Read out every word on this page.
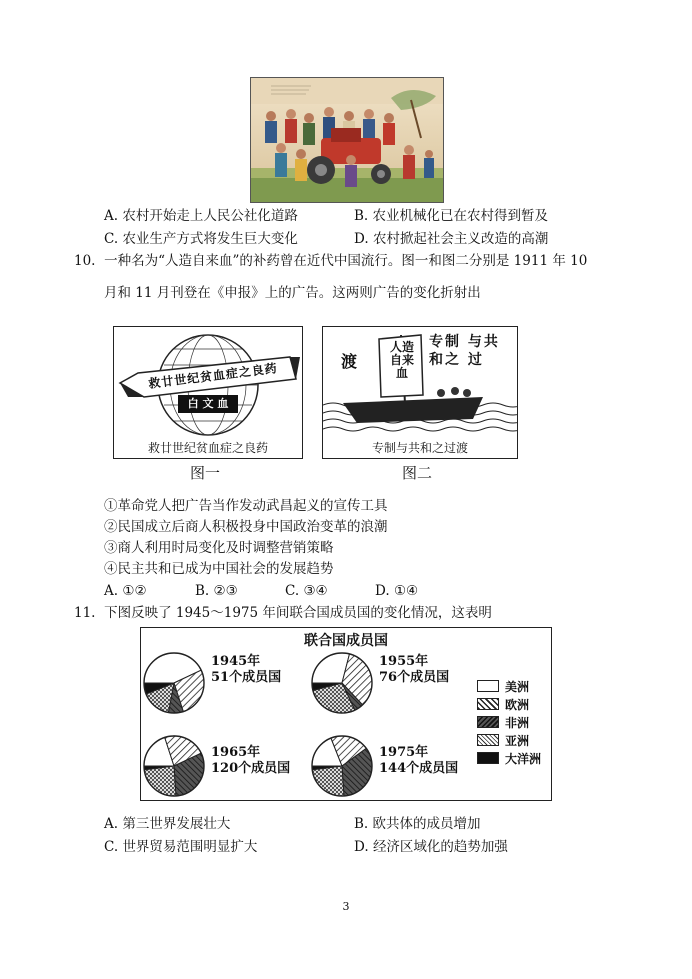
A. 农村开始走上人民公社化道路	B. 农业机械化已在农村得到暂及
C. 农业生产方式将发生巨大变化	D. 农村掀起社会主义改造的高潮
10. 一种名为“人造自来血”的补药曾在近代中国流行。图一和图二分别是 1911 年 10
月和 11 月刊登在《申报》上的广告。这两则广告的变化折射出
救廿世纪贫血症之良药
白 文 血
救廿世纪贫血症之良药
图一
人造自来血
渡
专制 与共 和之 过
专制与共和之过渡
图二
①革命党人把广告当作发动武昌起义的宣传工具
②民国成立后商人积极投身中国政治变革的浪潮
③商人利用时局变化及时调整营销策略
④民主共和已成为中国社会的发展趋势
A. ①②	B. ②③	C. ③④	D. ①④
11. 下图反映了 1945～1975 年间联合国成员国的变化情况，这表明
联合国成员国
1945年
51个成员国
1955年
76个成员国
1965年
120个成员国
1975年
144个成员国
美洲
欧洲
非洲
亚洲
大洋洲
A. 第三世界发展壮大	B. 欧共体的成员增加
C. 世界贸易范围明显扩大	D. 经济区域化的趋势加强
3
